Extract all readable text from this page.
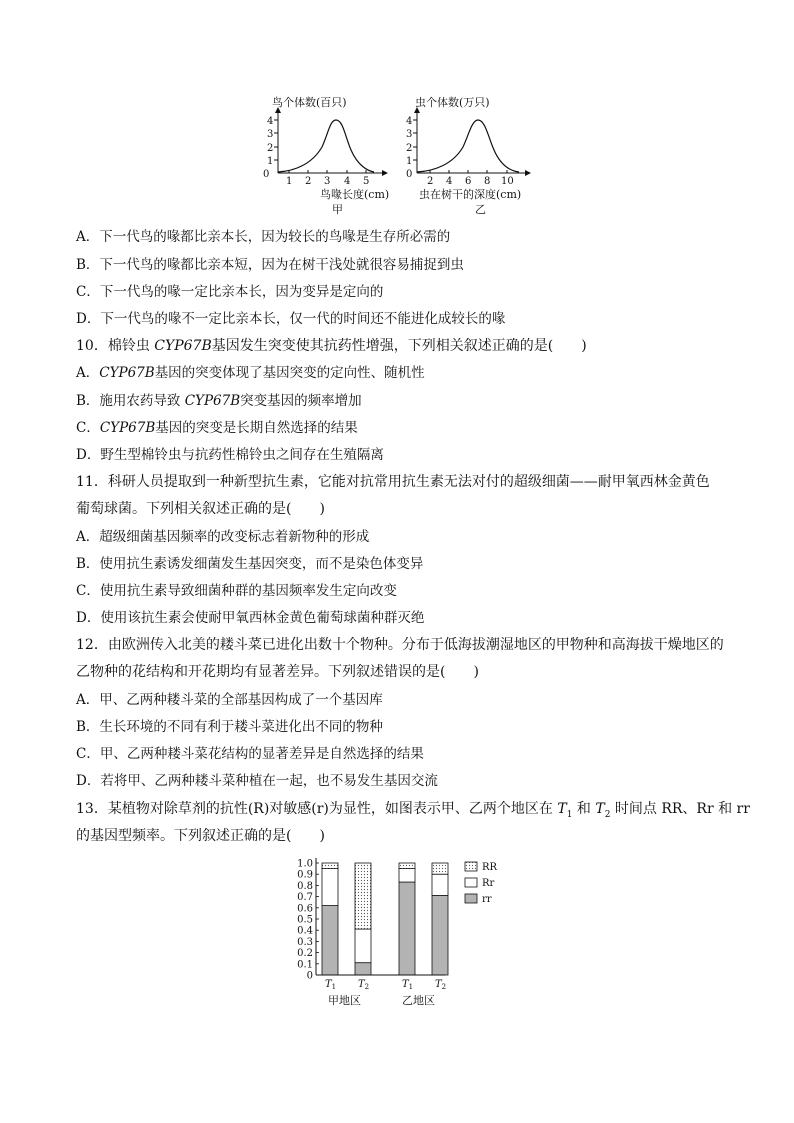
鸟个体数(百只)
0
1
2
3
4
1 2 3 4 5
鸟喙长度(cm)
甲
虫个体数(万只)
0
1
2
3
4
2 4 6 8 10
虫在树干的深度(cm)
乙
A．下一代鸟的喙都比亲本长，因为较长的鸟喙是生存所必需的
B．下一代鸟的喙都比亲本短，因为在树干浅处就很容易捕捉到虫
C．下一代鸟的喙一定比亲本长，因为变异是定向的
D．下一代鸟的喙不一定比亲本长，仅一代的时间还不能进化成较长的喙
10．棉铃虫 CYP67B基因发生突变使其抗药性增强，下列相关叙述正确的是(　　)
A．CYP67B基因的突变体现了基因突变的定向性、随机性
B．施用农药导致 CYP67B突变基因的频率增加
C．CYP67B基因的突变是长期自然选择的结果
D．野生型棉铃虫与抗药性棉铃虫之间存在生殖隔离
11．科研人员提取到一种新型抗生素，它能对抗常用抗生素无法对付的超级细菌——耐甲氧西林金黄色
葡萄球菌。下列相关叙述正确的是(　　)
A．超级细菌基因频率的改变标志着新物种的形成
B．使用抗生素诱发细菌发生基因突变，而不是染色体变异
C．使用抗生素导致细菌种群的基因频率发生定向改变
D．使用该抗生素会使耐甲氧西林金黄色葡萄球菌种群灭绝
12．由欧洲传入北美的耧斗菜已进化出数十个物种。分布于低海拔潮湿地区的甲物种和高海拔干燥地区的
乙物种的花结构和开花期均有显著差异。下列叙述错误的是(　　)
A．甲、乙两种耧斗菜的全部基因构成了一个基因库
B．生长环境的不同有利于耧斗菜进化出不同的物种
C．甲、乙两种耧斗菜花结构的显著差异是自然选择的结果
D．若将甲、乙两种耧斗菜种植在一起，也不易发生基因交流
13．某植物对除草剂的抗性(R)对敏感(r)为显性，如图表示甲、乙两个地区在 $T_1$ 和 $T_2$ 时间点 RR、Rr 和 rr
的基因型频率。下列叙述正确的是(　　)
0
0.1
0.2
0.3
0.4
0.5
0.6
0.7
0.8
0.9
1.0
$T_1$ $T_2$	$T_1$ $T_2$
甲地区	乙地区
RR
Rr
rr
